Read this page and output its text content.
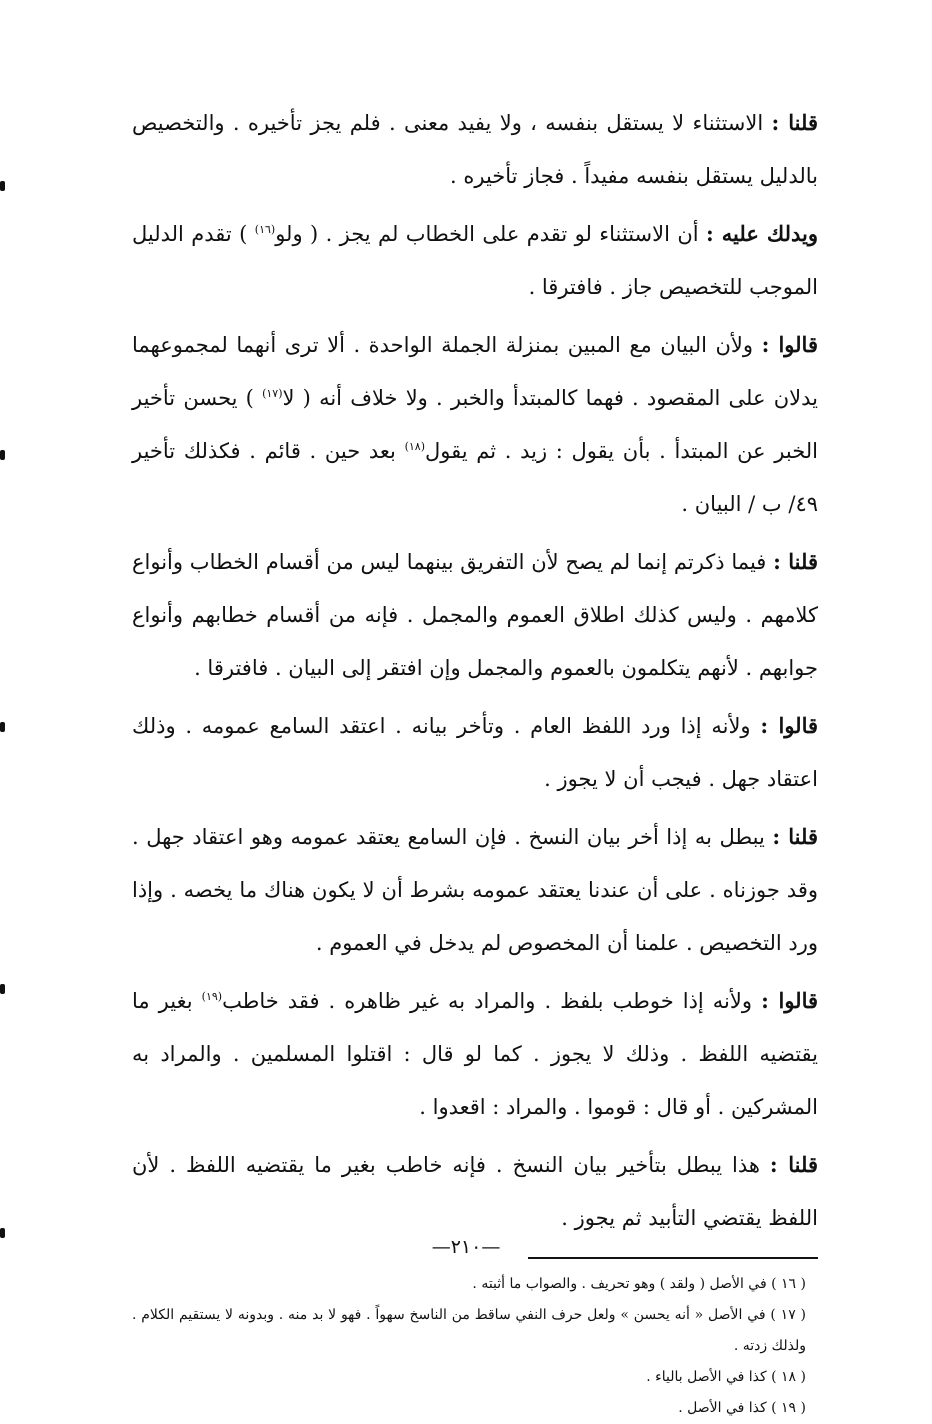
قلنا : الاستثناء لا يستقل بنفسه ، ولا يفيد معنى . فلم يجز تأخيره . والتخصيص بالدليل يستقل بنفسه مفيداً . فجاز تأخيره .

ويدلك عليه : أن الاستثناء لو تقدم على الخطاب لم يجز . ( ولو$^{(١٦)}$ ) تقدم الدليل الموجب للتخصيص جاز . فافترقا .

قالوا : ولأن البيان مع المبين بمنزلة الجملة الواحدة . ألا ترى أنهما لمجموعهما يدلان على المقصود . فهما كالمبتدأ والخبر . ولا خلاف أنه ( لا$^{(١٧)}$ ) يحسن تأخير الخبر عن المبتدأ . بأن يقول : زيد . ثم يقول$^{(١٨)}$ بعد حين . قائم . فكذلك تأخير ٤٩/ ب / البيان .

قلنا : فيما ذكرتم إنما لم يصح لأن التفريق بينهما ليس من أقسام الخطاب وأنواع كلامهم . وليس كذلك اطلاق العموم والمجمل . فإنه من أقسام خطابهم وأنواع جوابهم . لأنهم يتكلمون بالعموم والمجمل وإن افتقر إلى البيان . فافترقا .

قالوا : ولأنه إذا ورد اللفظ العام . وتأخر بيانه . اعتقد السامع عمومه . وذلك اعتقاد جهل . فيجب أن لا يجوز .

قلنا : يبطل به إذا أخر بيان النسخ . فإن السامع يعتقد عمومه وهو اعتقاد جهل . وقد جوزناه . على أن عندنا يعتقد عمومه بشرط أن لا يكون هناك ما يخصه . وإذا ورد التخصيص . علمنا أن المخصوص لم يدخل في العموم .

قالوا : ولأنه إذا خوطب بلفظ . والمراد به غير ظاهره . فقد خاطب$^{(١٩)}$ بغير ما يقتضيه اللفظ . وذلك لا يجوز . كما لو قال : اقتلوا المسلمين . والمراد به المشركين . أو قال : قوموا . والمراد : اقعدوا .

قلنا : هذا يبطل بتأخير بيان النسخ . فإنه خاطب بغير ما يقتضيه اللفظ . لأن اللفظ يقتضي التأبيد ثم يجوز .

( ١٦ ) في الأصل ( ولقد ) وهو تحريف . والصواب ما أثبته .

( ١٧ ) في الأصل « أنه يحسن » ولعل حرف النفي ساقط من الناسخ سهواً . فهو لا بد منه . وبدونه لا يستقيم الكلام . ولذلك زدته .

( ١٨ ) كذا في الأصل بالياء .

( ١٩ ) كذا في الأصل .

—٢١٠—
